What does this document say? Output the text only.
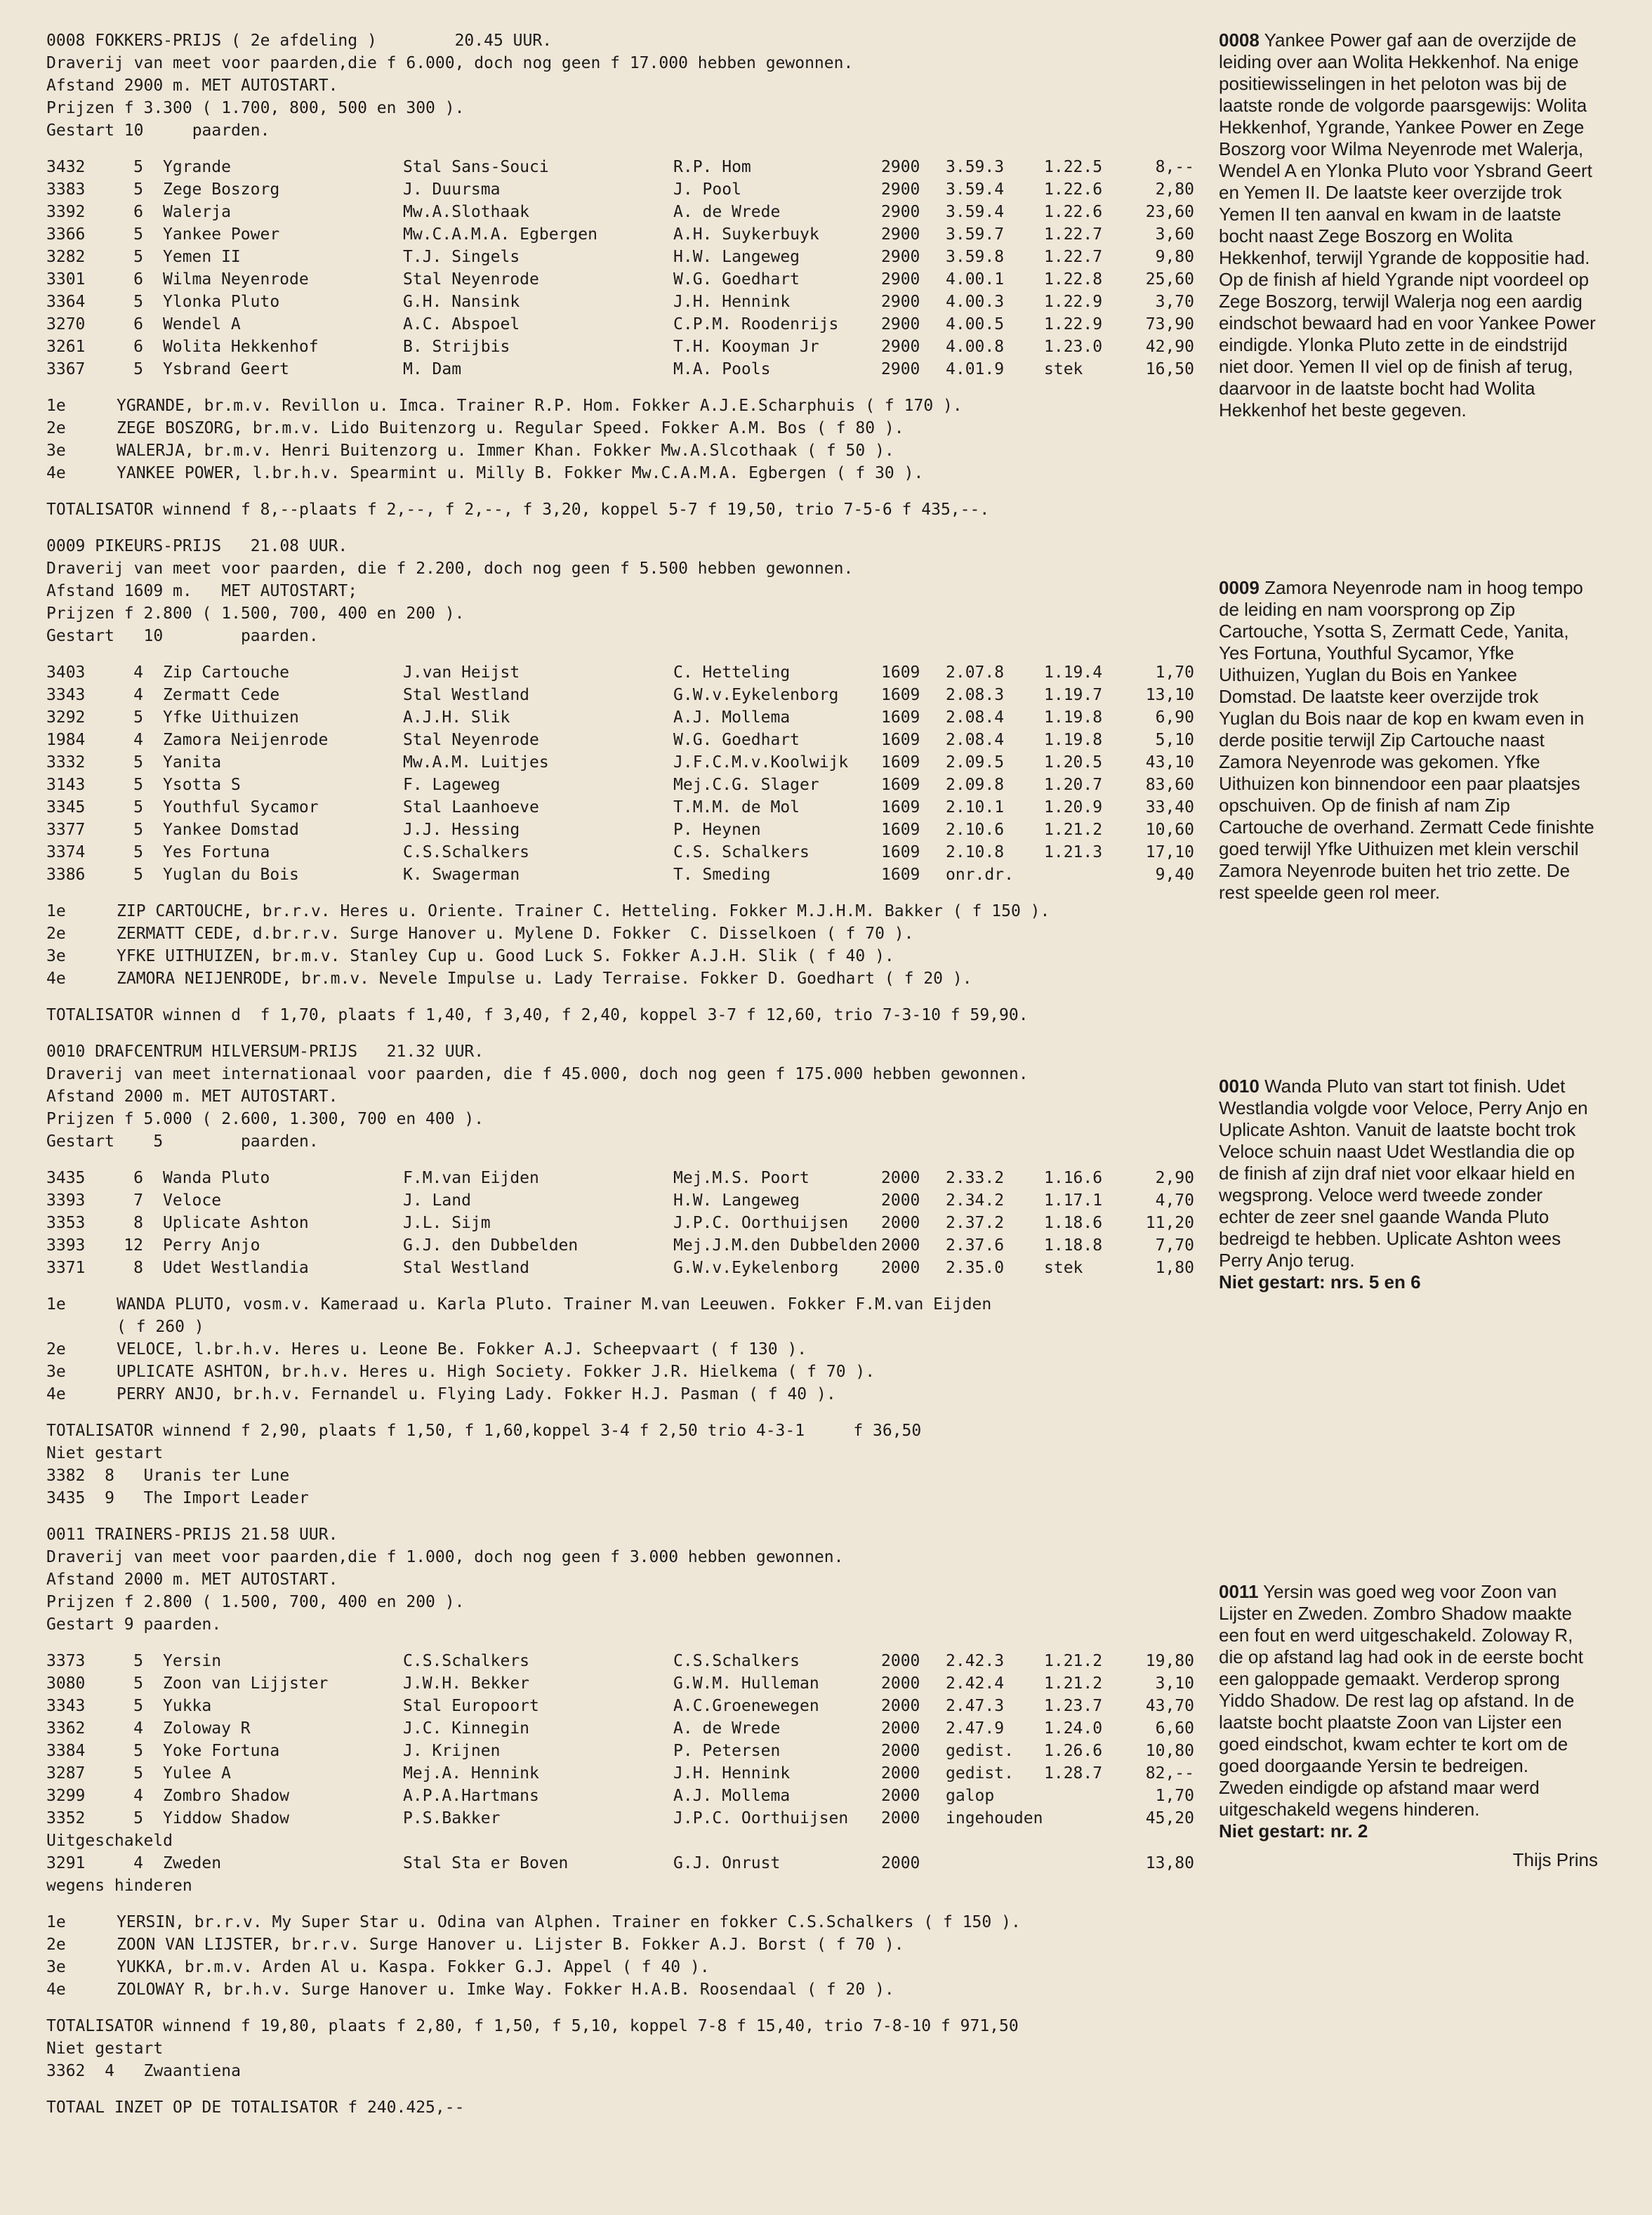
0008 FOKKERS-PRIJS ( 2e afdeling )        20.45 UUR.
Draverij van meet voor paarden,die f 6.000, doch nog geen f 17.000 hebben gewonnen.
Afstand 2900 m. MET AUTOSTART.
Prijzen f 3.300 ( 1.700, 800, 500 en 300 ).
Gestart 10     paarden.
3432	5	Ygrande	Stal Sans-Souci	R.P. Hom	2900	3.59.3	1.22.5	8,--
3383	5	Zege Boszorg	J. Duursma	J. Pool	2900	3.59.4	1.22.6	2,80
3392	6	Walerja	Mw.A.Slothaak	A. de Wrede	2900	3.59.4	1.22.6	23,60
3366	5	Yankee Power	Mw.C.A.M.A. Egbergen	A.H. Suykerbuyk	2900	3.59.7	1.22.7	3,60
3282	5	Yemen II	T.J. Singels	H.W. Langeweg	2900	3.59.8	1.22.7	9,80
3301	6	Wilma Neyenrode	Stal Neyenrode	W.G. Goedhart	2900	4.00.1	1.22.8	25,60
3364	5	Ylonka Pluto	G.H. Nansink	J.H. Hennink	2900	4.00.3	1.22.9	3,70
3270	6	Wendel A	A.C. Abspoel	C.P.M. Roodenrijs	2900	4.00.5	1.22.9	73,90
3261	6	Wolita Hekkenhof	B. Strijbis	T.H. Kooyman Jr	2900	4.00.8	1.23.0	42,90
3367	5	Ysbrand Geert	M. Dam	M.A. Pools	2900	4.01.9	stek	16,50
1e	YGRANDE, br.m.v. Revillon u. Imca. Trainer R.P. Hom. Fokker A.J.E.Scharphuis ( f 170 ).
2e	ZEGE BOSZORG, br.m.v. Lido Buitenzorg u. Regular Speed. Fokker A.M. Bos ( f 80 ).
3e	WALERJA, br.m.v. Henri Buitenzorg u. Immer Khan. Fokker Mw.A.Slcothaak ( f 50 ).
4e	YANKEE POWER, l.br.h.v. Spearmint u. Milly B. Fokker Mw.C.A.M.A. Egbergen ( f 30 ).
TOTALISATOR winnend f 8,--plaats f 2,--, f 2,--, f 3,20, koppel 5-7 f 19,50, trio 7-5-6 f 435,--.
0009 PIKEURS-PRIJS   21.08 UUR.
Draverij van meet voor paarden, die f 2.200, doch nog geen f 5.500 hebben gewonnen.
Afstand 1609 m.   MET AUTOSTART;
Prijzen f 2.800 ( 1.500, 700, 400 en 200 ).
Gestart   10        paarden.
3403	4	Zip Cartouche	J.van Heijst	C. Hetteling	1609	2.07.8	1.19.4	1,70
3343	4	Zermatt Cede	Stal Westland	G.W.v.Eykelenborg	1609	2.08.3	1.19.7	13,10
3292	5	Yfke Uithuizen	A.J.H. Slik	A.J. Mollema	1609	2.08.4	1.19.8	6,90
1984	4	Zamora Neijenrode	Stal Neyenrode	W.G. Goedhart	1609	2.08.4	1.19.8	5,10
3332	5	Yanita	Mw.A.M. Luitjes	J.F.C.M.v.Koolwijk	1609	2.09.5	1.20.5	43,10
3143	5	Ysotta S	F. Lageweg	Mej.C.G. Slager	1609	2.09.8	1.20.7	83,60
3345	5	Youthful Sycamor	Stal Laanhoeve	T.M.M. de Mol	1609	2.10.1	1.20.9	33,40
3377	5	Yankee Domstad	J.J. Hessing	P. Heynen	1609	2.10.6	1.21.2	10,60
3374	5	Yes Fortuna	C.S.Schalkers	C.S. Schalkers	1609	2.10.8	1.21.3	17,10
3386	5	Yuglan du Bois	K. Swagerman	T. Smeding	1609	onr.dr.		9,40
1e	ZIP CARTOUCHE, br.r.v. Heres u. Oriente. Trainer C. Hetteling. Fokker M.J.H.M. Bakker ( f 150 ).
2e	ZERMATT CEDE, d.br.r.v. Surge Hanover u. Mylene D. Fokker  C. Disselkoen ( f 70 ).
3e	YFKE UITHUIZEN, br.m.v. Stanley Cup u. Good Luck S. Fokker A.J.H. Slik ( f 40 ).
4e	ZAMORA NEIJENRODE, br.m.v. Nevele Impulse u. Lady Terraise. Fokker D. Goedhart ( f 20 ).
TOTALISATOR winnen d  f 1,70, plaats f 1,40, f 3,40, f 2,40, koppel 3-7 f 12,60, trio 7-3-10 f 59,90.
0010 DRAFCENTRUM HILVERSUM-PRIJS   21.32 UUR.
Draverij van meet internationaal voor paarden, die f 45.000, doch nog geen f 175.000 hebben gewonnen.
Afstand 2000 m. MET AUTOSTART.
Prijzen f 5.000 ( 2.600, 1.300, 700 en 400 ).
Gestart    5        paarden.
3435	6	Wanda Pluto	F.M.van Eijden	Mej.M.S. Poort	2000	2.33.2	1.16.6	2,90
3393	7	Veloce	J. Land	H.W. Langeweg	2000	2.34.2	1.17.1	4,70
3353	8	Uplicate Ashton	J.L. Sijm	J.P.C. Oorthuijsen	2000	2.37.2	1.18.6	11,20
3393	12	Perry Anjo	G.J. den Dubbelden	Mej.J.M.den Dubbelden	2000	2.37.6	1.18.8	7,70
3371	8	Udet Westlandia	Stal Westland	G.W.v.Eykelenborg	2000	2.35.0	stek	1,80
1e	WANDA PLUTO, vosm.v. Kameraad u. Karla Pluto. Trainer M.van Leeuwen. Fokker F.M.van Eijden
( f 260 )
2e	VELOCE, l.br.h.v. Heres u. Leone Be. Fokker A.J. Scheepvaart ( f 130 ).
3e	UPLICATE ASHTON, br.h.v. Heres u. High Society. Fokker J.R. Hielkema ( f 70 ).
4e	PERRY ANJO, br.h.v. Fernandel u. Flying Lady. Fokker H.J. Pasman ( f 40 ).
TOTALISATOR winnend f 2,90, plaats f 1,50, f 1,60,koppel 3-4 f 2,50 trio 4-3-1     f 36,50
Niet gestart
3382  8   Uranis ter Lune
3435  9   The Import Leader
0011 TRAINERS-PRIJS 21.58 UUR.
Draverij van meet voor paarden,die f 1.000, doch nog geen f 3.000 hebben gewonnen.
Afstand 2000 m. MET AUTOSTART.
Prijzen f 2.800 ( 1.500, 700, 400 en 200 ).
Gestart 9 paarden.
3373	5	Yersin	C.S.Schalkers	C.S.Schalkers	2000	2.42.3	1.21.2	19,80
3080	5	Zoon van Lijjster	J.W.H. Bekker	G.W.M. Hulleman	2000	2.42.4	1.21.2	3,10
3343	5	Yukka	Stal Europoort	A.C.Groenewegen	2000	2.47.3	1.23.7	43,70
3362	4	Zoloway R	J.C. Kinnegin	A. de Wrede	2000	2.47.9	1.24.0	6,60
3384	5	Yoke Fortuna	J. Krijnen	P. Petersen	2000	gedist.	1.26.6	10,80
3287	5	Yulee A	Mej.A. Hennink	J.H. Hennink	2000	gedist.	1.28.7	82,--
3299	4	Zombro Shadow	A.P.A.Hartmans	A.J. Mollema	2000	galop		1,70
3352	5	Yiddow Shadow	P.S.Bakker	J.P.C. Oorthuijsen	2000	ingehouden		45,20
Uitgeschakeld
3291	4	Zweden	Stal Sta er Boven	G.J. Onrust	2000			13,80
wegens hinderen
1e	YERSIN, br.r.v. My Super Star u. Odina van Alphen. Trainer en fokker C.S.Schalkers ( f 150 ).
2e	ZOON VAN LIJSTER, br.r.v. Surge Hanover u. Lijster B. Fokker A.J. Borst ( f 70 ).
3e	YUKKA, br.m.v. Arden Al u. Kaspa. Fokker G.J. Appel ( f 40 ).
4e	ZOLOWAY R, br.h.v. Surge Hanover u. Imke Way. Fokker H.A.B. Roosendaal ( f 20 ).
TOTALISATOR winnend f 19,80, plaats f 2,80, f 1,50, f 5,10, koppel 7-8 f 15,40, trio 7-8-10 f 971,50
Niet gestart
3362  4   Zwaantiena
TOTAAL INZET OP DE TOTALISATOR f 240.425,--
0008 Yankee Power gaf aan de overzijde de leiding over aan Wolita Hekkenhof. Na enige positiewisselingen in het peloton was bij de laatste ronde de volgorde paarsgewijs: Wolita Hekkenhof, Ygrande, Yankee Power en Zege Boszorg voor Wilma Neyenrode met Walerja, Wendel A en Ylonka Pluto voor Ysbrand Geert en Yemen II. De laatste keer overzijde trok Yemen II ten aanval en kwam in de laatste bocht naast Zege Boszorg en Wolita Hekkenhof, terwijl Ygrande de koppositie had. Op de finish af hield Ygrande nipt voordeel op Zege Boszorg, terwijl Walerja nog een aardig eindschot bewaard had en voor Yankee Power eindigde. Ylonka Pluto zette in de eindstrijd niet door. Yemen II viel op de finish af terug, daarvoor in de laatste bocht had Wolita Hekkenhof het beste gegeven.
0009 Zamora Neyenrode nam in hoog tempo de leiding en nam voorsprong op Zip Cartouche, Ysotta S, Zermatt Cede, Yanita, Yes Fortuna, Youthful Sycamor, Yfke Uithuizen, Yuglan du Bois en Yankee Domstad. De laatste keer overzijde trok Yuglan du Bois naar de kop en kwam even in derde positie terwijl Zip Cartouche naast Zamora Neyenrode was gekomen. Yfke Uithuizen kon binnendoor een paar plaatsjes opschuiven. Op de finish af nam Zip Cartouche de overhand. Zermatt Cede finishte goed terwijl Yfke Uithuizen met klein verschil Zamora Neyenrode buiten het trio zette. De rest speelde geen rol meer.
0010 Wanda Pluto van start tot finish. Udet Westlandia volgde voor Veloce, Perry Anjo en Uplicate Ashton. Vanuit de laatste bocht trok Veloce schuin naast Udet Westlandia die op de finish af zijn draf niet voor elkaar hield en wegsprong. Veloce werd tweede zonder echter de zeer snel gaande Wanda Pluto bedreigd te hebben. Uplicate Ashton wees Perry Anjo terug.
Niet gestart: nrs. 5 en 6
0011 Yersin was goed weg voor Zoon van Lijster en Zweden. Zombro Shadow maakte een fout en werd uitgeschakeld. Zoloway R, die op afstand lag had ook in de eerste bocht een galoppade gemaakt. Verderop sprong Yiddo Shadow. De rest lag op afstand. In de laatste bocht plaatste Zoon van Lijster een goed eindschot, kwam echter te kort om de goed doorgaande Yersin te bedreigen. Zweden eindigde op afstand maar werd uitgeschakeld wegens hinderen.
Niet gestart: nr. 2
Thijs Prins
